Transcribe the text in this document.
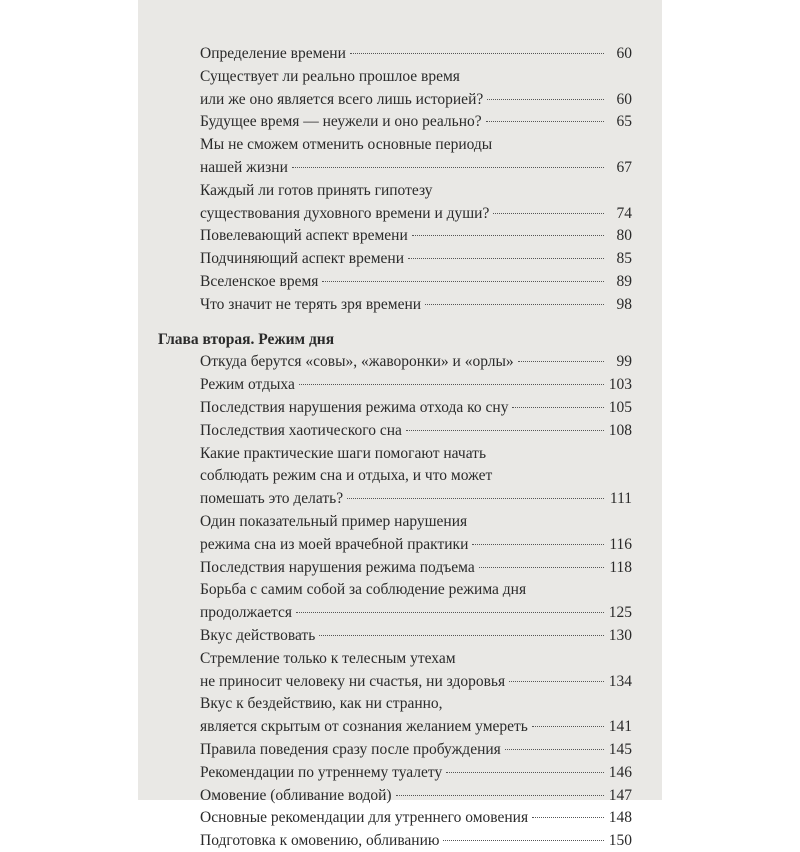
Определение времени	60
Существует ли реально прошлое время
или же оно является всего лишь историей?	60
Будущее время — неужели и оно реально?	65
Мы не сможем отменить основные периоды
нашей жизни	67
Каждый ли готов принять гипотезу
существования духовного времени и души?	74
Повелевающий аспект времени	80
Подчиняющий аспект времени	85
Вселенское время	89
Что значит не терять зря времени	98
Глава вторая. Режим дня
Откуда берутся «совы», «жаворонки» и «орлы»	99
Режим отдыха	103
Последствия нарушения режима отхода ко сну	105
Последствия хаотического сна	108
Какие практические шаги помогают начать
соблюдать режим сна и отдыха, и что может
помешать это делать?	111
Один показательный пример нарушения
режима сна из моей врачебной практики	116
Последствия нарушения режима подъема	118
Борьба с самим собой за соблюдение режима дня
продолжается	125
Вкус действовать	130
Стремление только к телесным утехам
не приносит человеку ни счастья, ни здоровья	134
Вкус к бездействию, как ни странно,
является скрытым от сознания желанием умереть	141
Правила поведения сразу после пробуждения	145
Рекомендации по утреннему туалету	146
Омовение (обливание водой)	147
Основные рекомендации для утреннего омовения	148
Подготовка к омовению, обливанию	150
